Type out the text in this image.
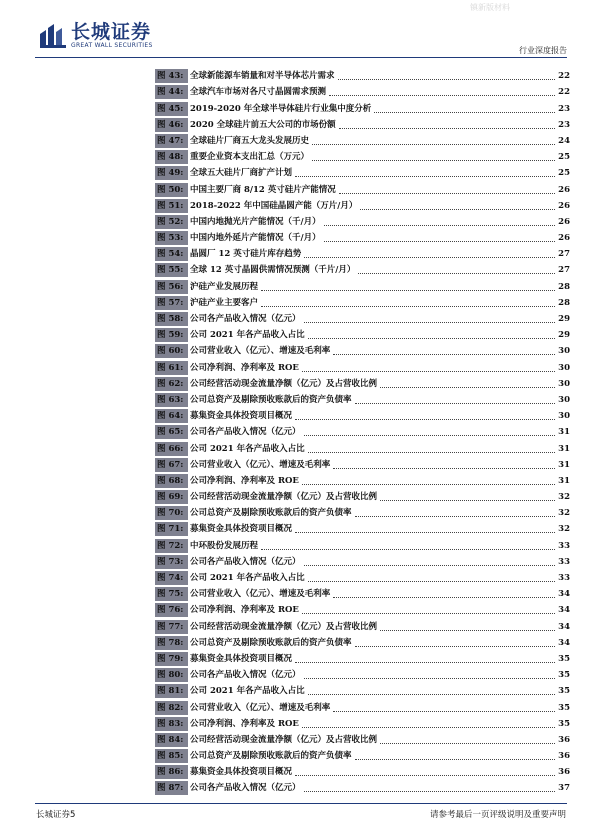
镇新版材料
长城证券
GREAT WALL SECURITIES
行业深度报告
图 43: 全球新能源车销量和对半导体芯片需求	22
图 44: 全球汽车市场对各尺寸晶圆需求预测	22
图 45: 2019-2020 年全球半导体硅片行业集中度分析	23
图 46: 2020 全球硅片前五大公司的市场份额	23
图 47: 全球硅片厂商五大龙头发展历史	24
图 48: 重要企业资本支出汇总（万元）	25
图 49: 全球五大硅片厂商扩产计划	25
图 50: 中国主要厂商 8/12 英寸硅片产能情况	26
图 51: 2018-2022 年中国硅晶圆产能（万片/月）	26
图 52: 中国内地抛光片产能情况（千/月）	26
图 53: 中国内地外延片产能情况（千/月）	26
图 54: 晶圆厂 12 英寸硅片库存趋势	27
图 55: 全球 12 英寸晶圆供需情况预测（千片/月）	27
图 56: 沪硅产业发展历程	28
图 57: 沪硅产业主要客户	28
图 58: 公司各产品收入情况（亿元）	29
图 59: 公司 2021 年各产品收入占比	29
图 60: 公司营业收入（亿元）、增速及毛利率	30
图 61: 公司净利润、净利率及 ROE	30
图 62: 公司经营活动现金流量净额（亿元）及占营收比例	30
图 63: 公司总资产及剔除预收账款后的资产负债率	30
图 64: 募集资金具体投资项目概况	30
图 65: 公司各产品收入情况（亿元）	31
图 66: 公司 2021 年各产品收入占比	31
图 67: 公司营业收入（亿元）、增速及毛利率	31
图 68: 公司净利润、净利率及 ROE	31
图 69: 公司经营活动现金流量净额（亿元）及占营收比例	32
图 70: 公司总资产及剔除预收账款后的资产负债率	32
图 71: 募集资金具体投资项目概况	32
图 72: 中环股份发展历程	33
图 73: 公司各产品收入情况（亿元）	33
图 74: 公司 2021 年各产品收入占比	33
图 75: 公司营业收入（亿元）、增速及毛利率	34
图 76: 公司净利润、净利率及 ROE	34
图 77: 公司经营活动现金流量净额（亿元）及占营收比例	34
图 78: 公司总资产及剔除预收账款后的资产负债率	34
图 79: 募集资金具体投资项目概况	35
图 80: 公司各产品收入情况（亿元）	35
图 81: 公司 2021 年各产品收入占比	35
图 82: 公司营业收入（亿元）、增速及毛利率	35
图 83: 公司净利润、净利率及 ROE	35
图 84: 公司经营活动现金流量净额（亿元）及占营收比例	36
图 85: 公司总资产及剔除预收账款后的资产负债率	36
图 86: 募集资金具体投资项目概况	36
图 87: 公司各产品收入情况（亿元）	37
长城证券5	请参考最后一页评级说明及重要声明
